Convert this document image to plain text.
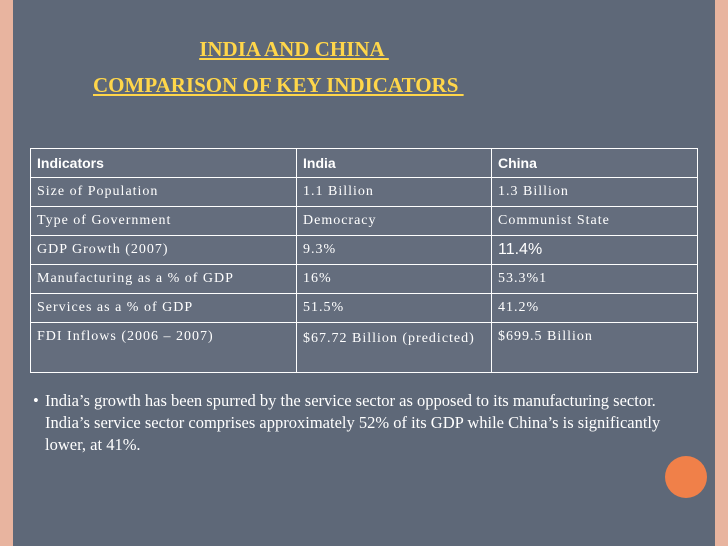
INDIA AND CHINA
COMPARISON OF KEY INDICATORS
Indicators	India	China
Size of Population	1.1 Billion	1.3 Billion
Type of Government	Democracy	Communist State
GDP Growth (2007)	9.3%	11.4%
Manufacturing as a % of GDP	16%	53.3%1
Services as a % of GDP	51.5%	41.2%
FDI Inflows (2006 – 2007)	$67.72 Billion (predicted)	$699.5 Billion
• India’s growth has been spurred by the service sector as opposed to its manufacturing sector. India’s service sector comprises approximately 52% of its GDP while China’s is significantly lower, at 41%.
